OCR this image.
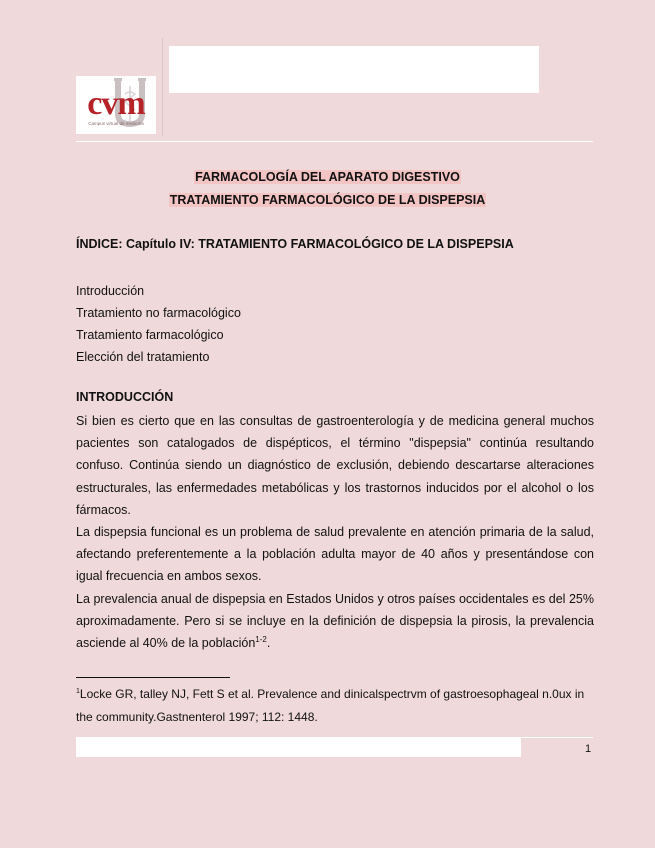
cvm
Campus virtual de medicina
FARMACOLOGÍA DEL APARATO DIGESTIVO
TRATAMIENTO FARMACOLÓGICO DE LA DISPEPSIA
ÍNDICE: Capítulo IV: TRATAMIENTO FARMACOLÓGICO DE LA DISPEPSIA
Introducción
Tratamiento no farmacológico
Tratamiento farmacológico
Elección del tratamiento
INTRODUCCIÓN

Si bien es cierto que en las consultas de gastroenterología y de medicina general muchos pacientes son catalogados de dispépticos, el término "dispepsia" continúa resultando confuso. Continúa siendo un diagnóstico de exclusión, debiendo descartarse alteraciones estructurales, las enfermedades metabólicas y los trastornos inducidos por el alcohol o los fármacos.

La dispepsia funcional es un problema de salud prevalente en atención primaria de la salud, afectando preferentemente a la población adulta mayor de 40 años y presentándose con igual frecuencia en ambos sexos.

La prevalencia anual de dispepsia en Estados Unidos y otros países occidentales es del 25% aproximadamente. Pero si se incluye en la definición de dispepsia la pirosis, la prevalencia asciende al 40% de la población$^{1-2}$.

$^1$Locke GR, talley NJ, Fett S et al. Prevalence and dinicalspectrvm of gastroesophageal n.0ux in the community.Gastnenterol 1997; 112: 1448.
1
